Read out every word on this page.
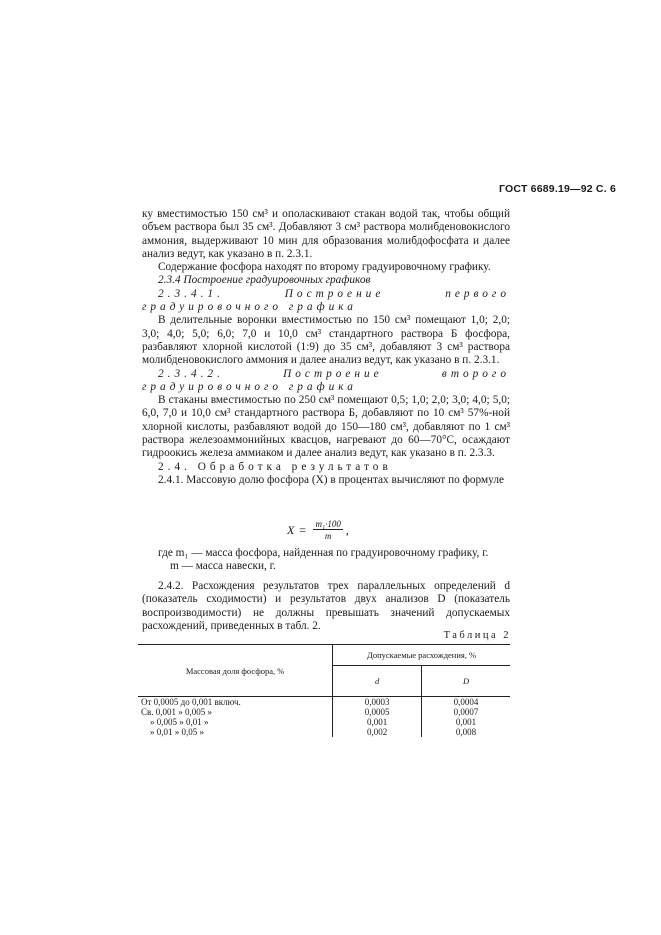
ГОСТ 6689.19—92 С. 6

ку вместимостью 150 см³ и ополаскивают стакан водой так, чтобы общий объем раствора был 35 см³. Добавляют 3 см³ раствора молибденовокислого аммония, выдерживают 10 мин для образования молибдофосфата и далее анализ ведут, как указано в п. 2.3.1.

Содержание фосфора находят по второму градуировочному графику.

2.3.4 Построение градуировочных графиков

2.3.4.1. Построение первого градуировочного графика

В делительные воронки вместимостью по 150 см³ помещают 1,0; 2,0; 3,0; 4,0; 5,0; 6,0; 7,0 и 10,0 см³ стандартного раствора Б фосфора, разбавляют хлорной кислотой (1:9) до 35 см³, добавляют 3 см³ раствора молибденовокислого аммония и далее анализ ведут, как указано в п. 2.3.1.

2.3.4.2. Построение второго градуировочного графика

В стаканы вместимостью по 250 см³ помещают 0,5; 1,0; 2,0; 3,0; 4,0; 5,0; 6,0, 7,0 и 10,0 см³ стандартного раствора Б, добавляют по 10 см³ 57%-ной хлорной кислоты, разбавляют водой до 150—180 см³, добавляют по 1 см³ раствора железоаммонийных квасцов, нагревают до 60—70°С, осаждают гидроокись железа аммиаком и далее анализ ведут, как указано в п. 2.3.3.

2.4. Обработка результатов

2.4.1. Массовую долю фосфора (X) в процентах вычисляют по формуле

$X = \frac{\text{m₁·100}}{m}$ ,

где m₁ — масса фосфора, найденная по градуировочному графику, г.

m — масса навески, г.

2.4.2. Расхождения результатов трех параллельных определений d (показатель сходимости) и результатов двух анализов D (показатель воспроизводимости) не должны превышать значений допускаемых расхождений, приведенных в табл. 2.

Таблица 2
Массовая доля фосфора, %	Допускаемые расхождения, %	
	d	D
От 0,0005 до 0,001 включ.	0,0003	0,0004
Св. 0,001 » 0,005 »	0,0005	0,0007
» 0,005 » 0,01 »	0,001	0,001
» 0,01 » 0,05 »	0,002	0,008
